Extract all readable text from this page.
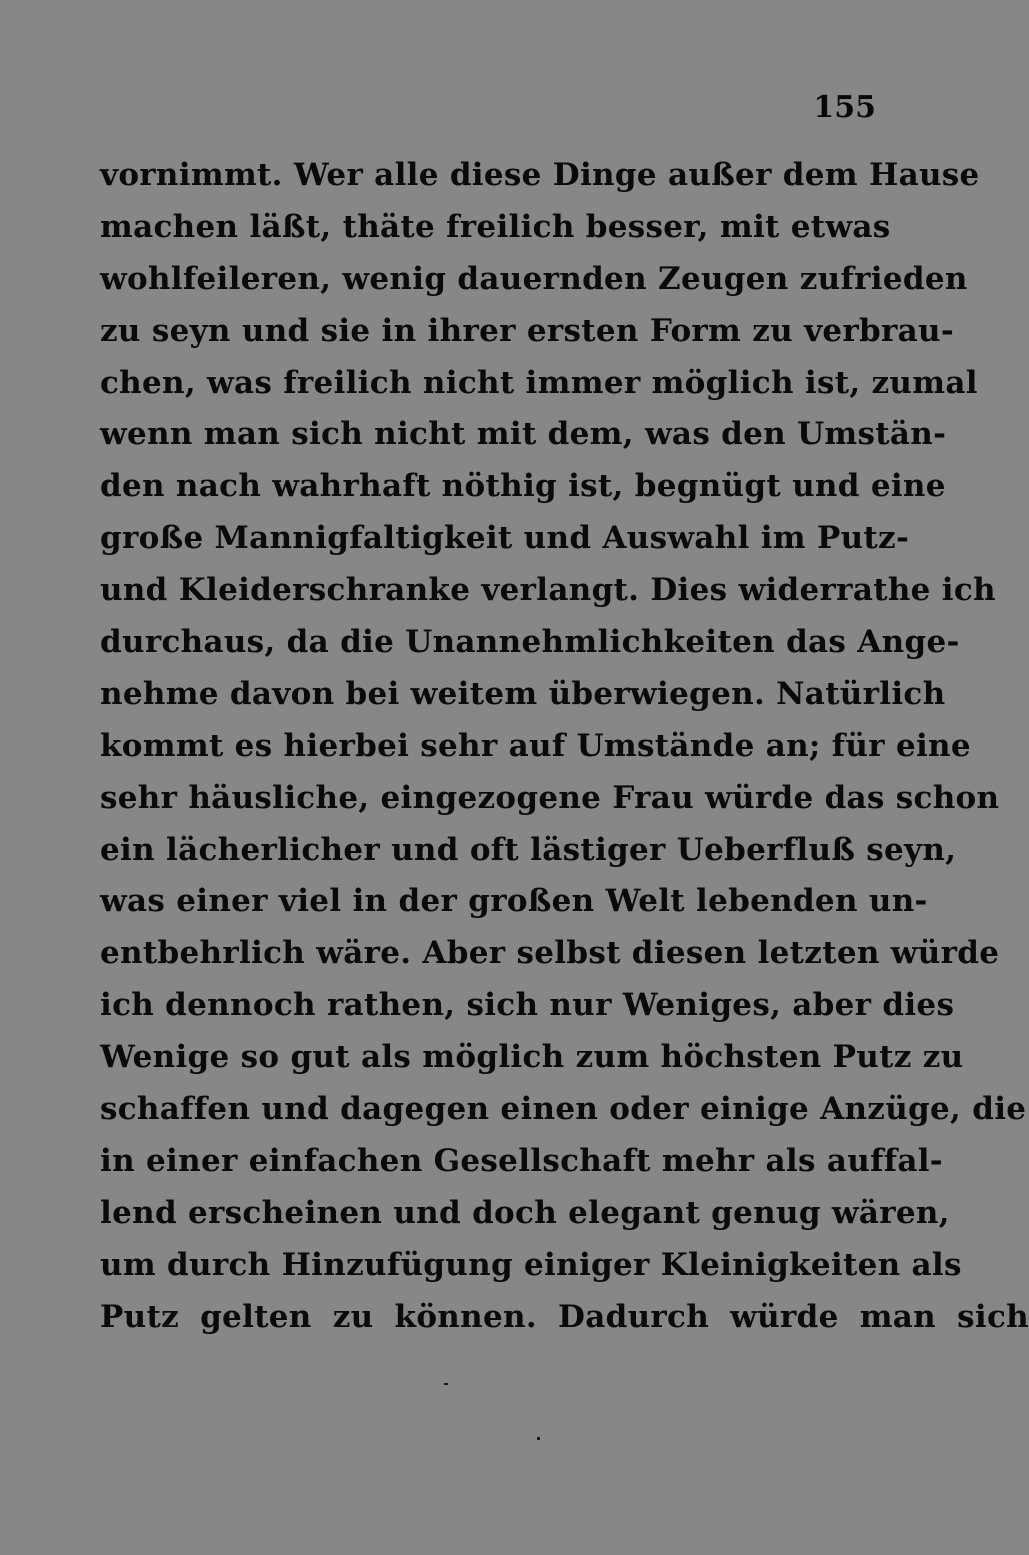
155
vornimmt. Wer alle diese Dinge außer dem Hause
machen läßt, thäte freilich besser, mit etwas
wohlfeileren, wenig dauernden Zeugen zufrieden
zu seyn und sie in ihrer ersten Form zu verbrau-
chen, was freilich nicht immer möglich ist, zumal
wenn man sich nicht mit dem, was den Umstän-
den nach wahrhaft nöthig ist, begnügt und eine
große Mannigfaltigkeit und Auswahl im Putz-
und Kleiderschranke verlangt. Dies widerrathe ich
durchaus, da die Unannehmlichkeiten das Ange-
nehme davon bei weitem überwiegen. Natürlich
kommt es hierbei sehr auf Umstände an; für eine
sehr häusliche, eingezogene Frau würde das schon
ein lächerlicher und oft lästiger Ueberfluß seyn,
was einer viel in der großen Welt lebenden un-
entbehrlich wäre. Aber selbst diesen letzten würde
ich dennoch rathen, sich nur Weniges, aber dies
Wenige so gut als möglich zum höchsten Putz zu
schaffen und dagegen einen oder einige Anzüge, die
in einer einfachen Gesellschaft mehr als auffal-
lend erscheinen und doch elegant genug wären,
um durch Hinzufügung einiger Kleinigkeiten als
Putz gelten zu können. Dadurch würde man sich
